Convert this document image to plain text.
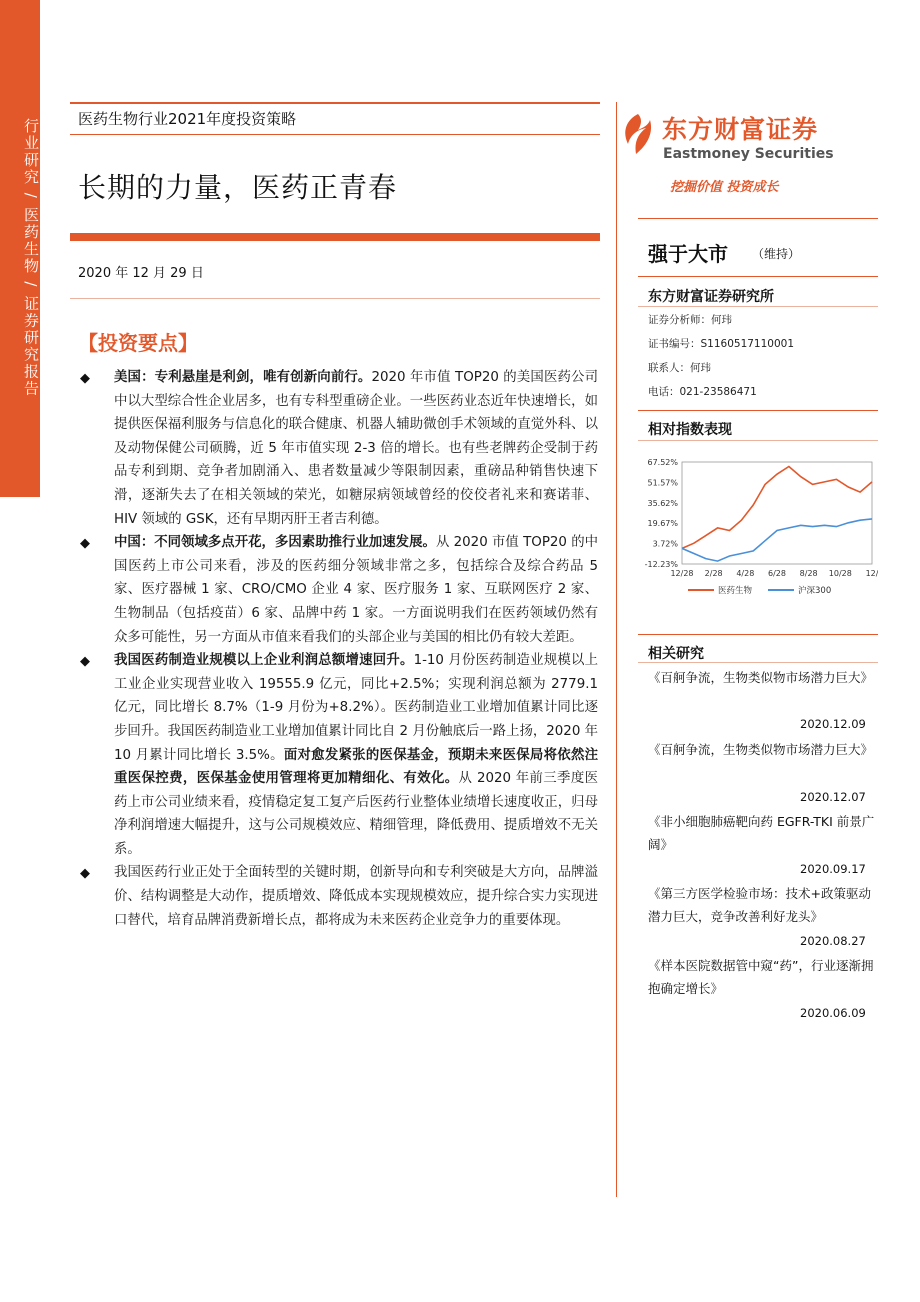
行业研究 / 医药生物 / 证券研究报告	医药生物行业2021年度投资策略
长期的力量，医药正青春
2020 年 12 月 29 日
【投资要点】
◆ 美国：专利悬崖是利剑，唯有创新向前行。2020 年市值 TOP20 的美国医药公司中以大型综合性企业居多，也有专科型重磅企业。一些医药业态近年快速增长，如提供医保福利服务与信息化的联合健康、机器人辅助微创手术领域的直觉外科、以及动物保健公司硕腾，近 5 年市值实现 2-3 倍的增长。也有些老牌药企受制于药品专利到期、竞争者加剧涌入、患者数量减少等限制因素，重磅品种销售快速下滑，逐渐失去了在相关领域的荣光，如糖尿病领域曾经的佼佼者礼来和赛诺菲、HIV 领域的 GSK，还有早期丙肝王者吉利德。
◆ 中国：不同领域多点开花，多因素助推行业加速发展。从 2020 市值 TOP20 的中国医药上市公司来看，涉及的医药细分领域非常之多，包括综合及综合药品 5 家、医疗器械 1 家、CRO/CMO 企业 4 家、医疗服务 1 家、互联网医疗 2 家、生物制品（包括疫苗）6 家、品牌中药 1 家。一方面说明我们在医药领域仍然有众多可能性，另一方面从市值来看我们的头部企业与美国的相比仍有较大差距。
◆ 我国医药制造业规模以上企业利润总额增速回升。1-10 月份医药制造业规模以上工业企业实现营业收入 19555.9 亿元，同比+2.5%；实现利润总额为 2779.1 亿元，同比增长 8.7%（1-9 月份为+8.2%）。医药制造业工业增加值累计同比逐步回升。我国医药制造业工业增加值累计同比自 2 月份触底后一路上扬，2020 年 10 月累计同比增长 3.5%。面对愈发紧张的医保基金，预期未来医保局将依然注重医保控费，医保基金使用管理将更加精细化、有效化。从 2020 年前三季度医药上市公司业绩来看，疫情稳定复工复产后医药行业整体业绩增长速度收正，归母净利润增速大幅提升，这与公司规模效应、精细管理，降低费用、提质增效不无关系。
◆ 我国医药行业正处于全面转型的关键时期，创新导向和专利突破是大方向，品牌溢价、结构调整是大动作，提质增效、降低成本实现规模效应，提升综合实力实现进口替代，培育品牌消费新增长点，都将成为未来医药企业竞争力的重要体现。
东方财富证券
Eastmoney Securities
挖掘价值 投资成长
强于大市 （维持）
东方财富证券研究所
证券分析师：何玮
证书编号：S1160517110001
联系人：何玮
电话：021-23586471
相对指数表现
67.52%
51.57%
35.62%
19.67%
3.72%
-12.23%
12/28 2/28 4/28 6/28 8/28 10/28 12/
医药生物	沪深300
相关研究
《百舸争流，生物类似物市场潜力巨大》
2020.12.09
《百舸争流，生物类似物市场潜力巨大》
2020.12.07
《非小细胞肺癌靶向药 EGFR-TKI 前景广阔》
2020.09.17
《第三方医学检验市场：技术+政策驱动潜力巨大，竞争改善利好龙头》
2020.08.27
《样本医院数据管中窥“药”，行业逐渐拥抱确定增长》
2020.06.09
